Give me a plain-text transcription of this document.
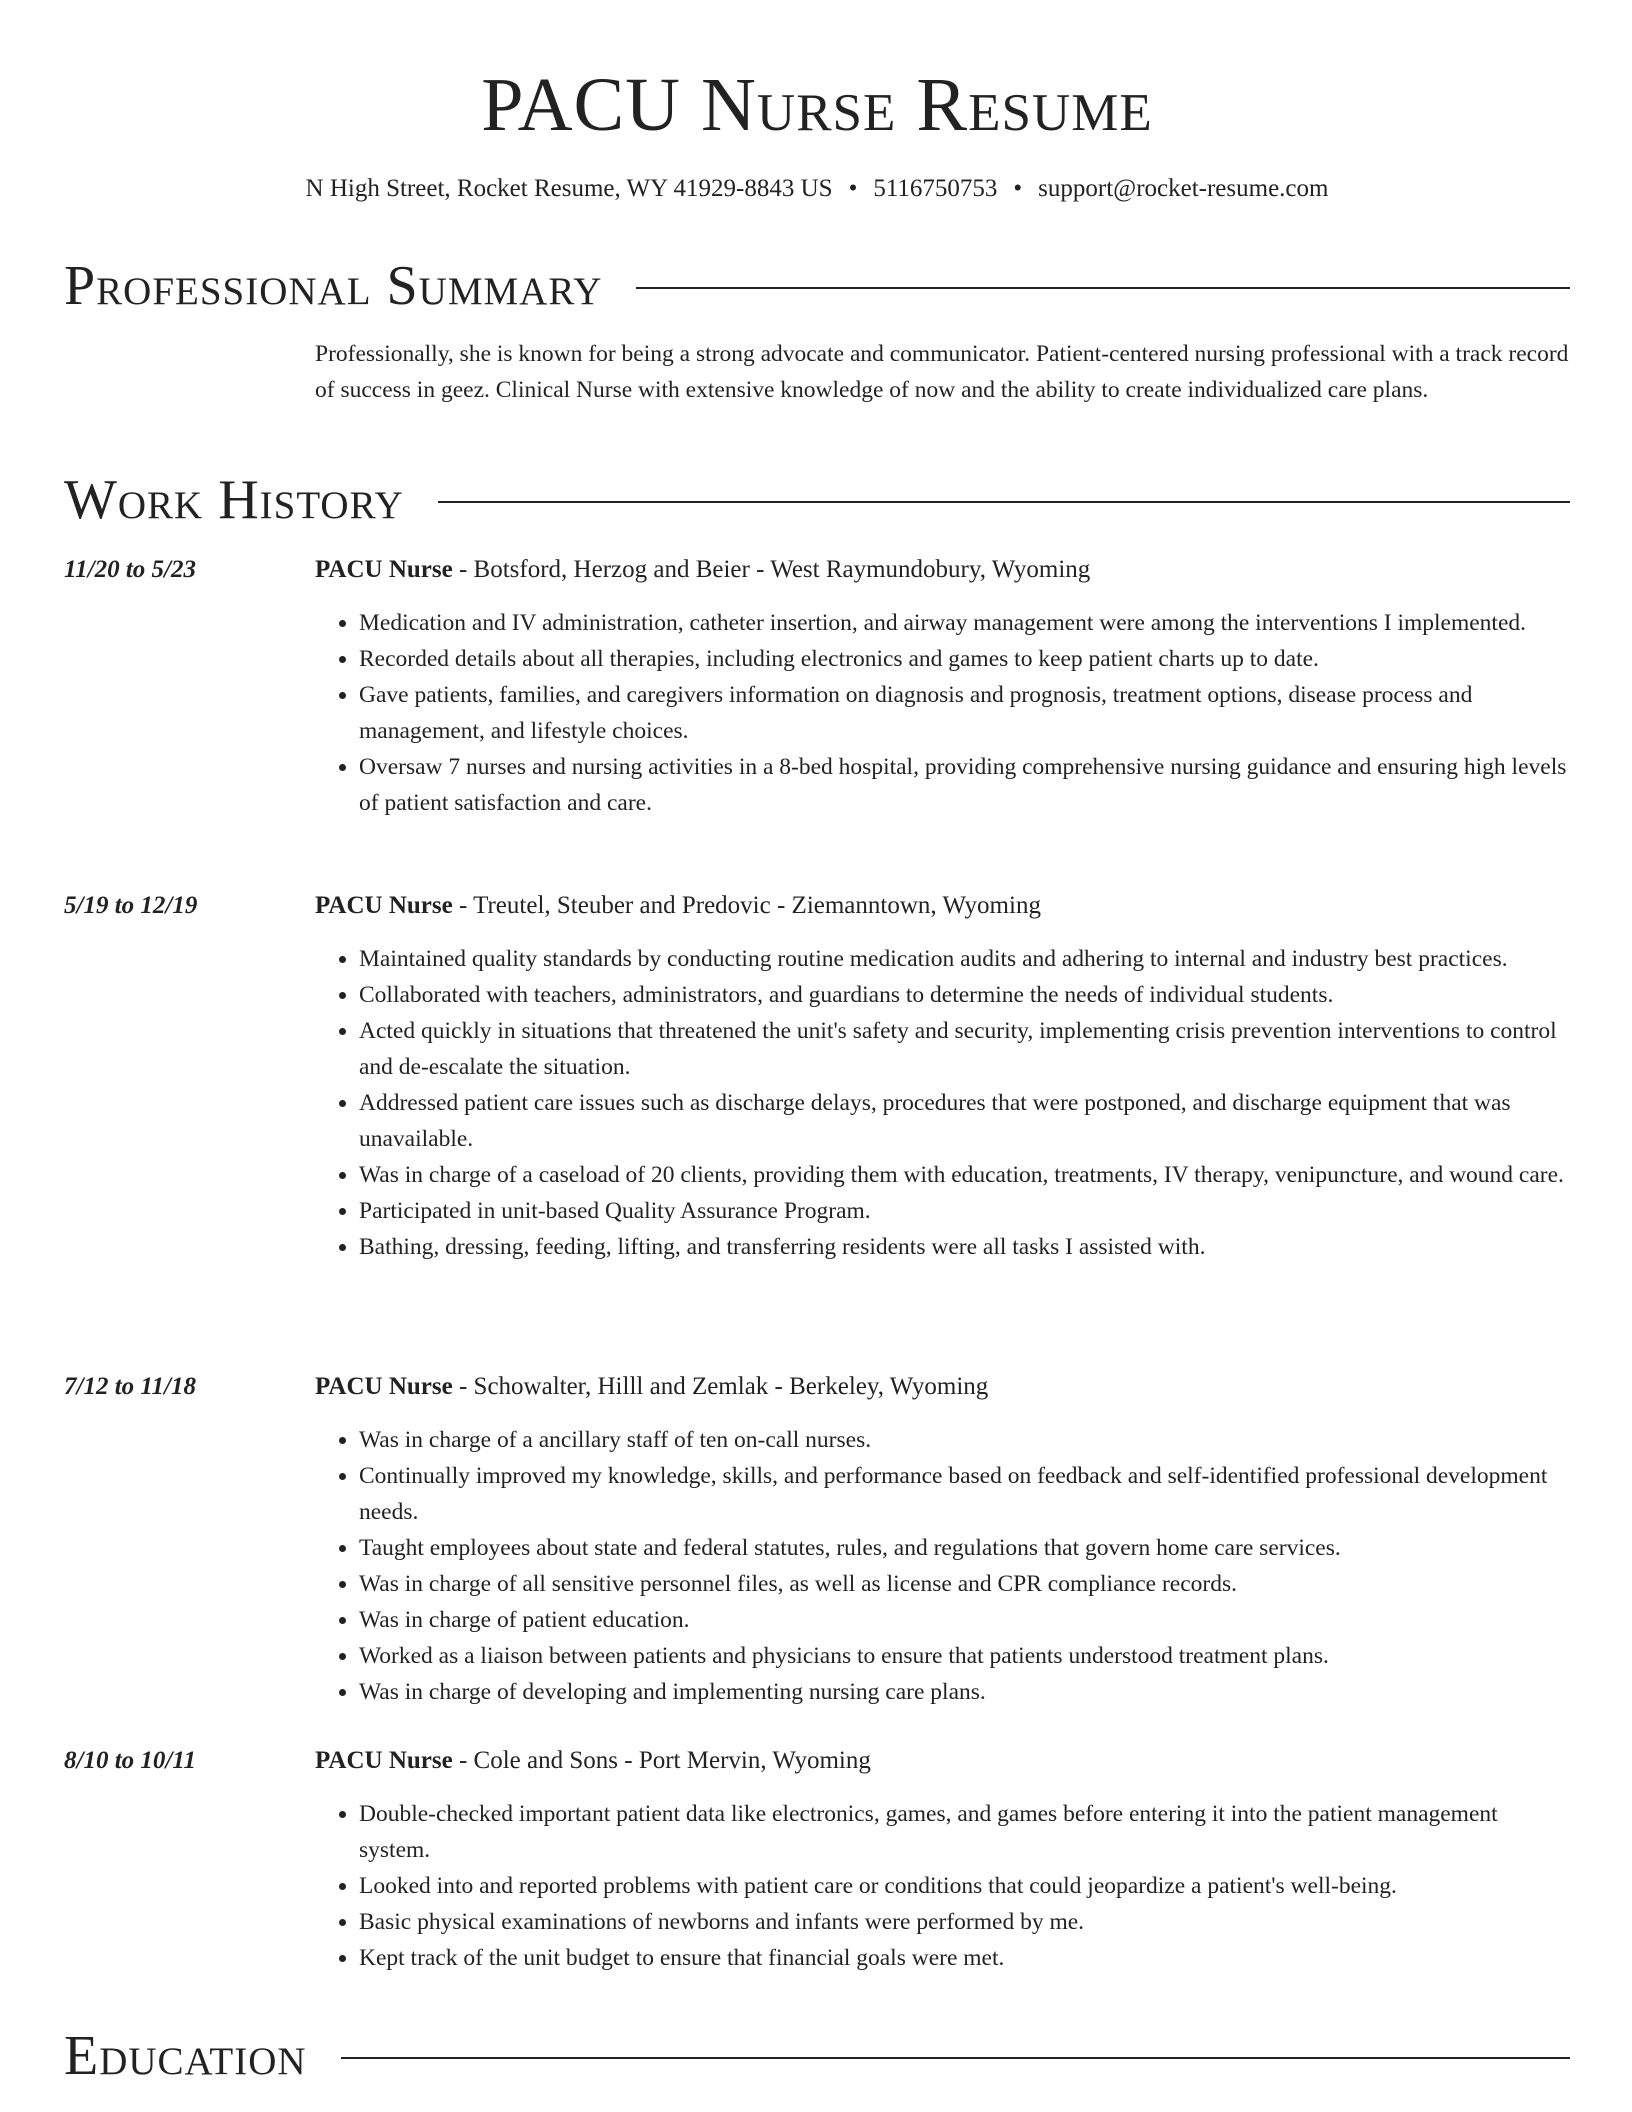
PACU Nurse Resume
N High Street, Rocket Resume, WY 41929-8843 US • 5116750753 • support@rocket-resume.com
Professional Summary

Professionally, she is known for being a strong advocate and communicator. Patient-centered nursing professional with a track record of success in geez. Clinical Nurse with extensive knowledge of now and the ability to create individualized care plans.

Work History
11/20 to 5/23	PACU Nurse - Botsford, Herzog and Beier - West Raymundobury, Wyoming
• Medication and IV administration, catheter insertion, and airway management were among the interventions I implemented.
• Recorded details about all therapies, including electronics and games to keep patient charts up to date.
• Gave patients, families, and caregivers information on diagnosis and prognosis, treatment options, disease process and management, and lifestyle choices.
• Oversaw 7 nurses and nursing activities in a 8-bed hospital, providing comprehensive nursing guidance and ensuring high levels of patient satisfaction and care.
5/19 to 12/19	PACU Nurse - Treutel, Steuber and Predovic - Ziemanntown, Wyoming
• Maintained quality standards by conducting routine medication audits and adhering to internal and industry best practices.
• Collaborated with teachers, administrators, and guardians to determine the needs of individual students.
• Acted quickly in situations that threatened the unit's safety and security, implementing crisis prevention interventions to control and de-escalate the situation.
• Addressed patient care issues such as discharge delays, procedures that were postponed, and discharge equipment that was unavailable.
• Was in charge of a caseload of 20 clients, providing them with education, treatments, IV therapy, venipuncture, and wound care.
• Participated in unit-based Quality Assurance Program.
• Bathing, dressing, feeding, lifting, and transferring residents were all tasks I assisted with.
7/12 to 11/18	PACU Nurse - Schowalter, Hilll and Zemlak - Berkeley, Wyoming
• Was in charge of a ancillary staff of ten on-call nurses.
• Continually improved my knowledge, skills, and performance based on feedback and self-identified professional development needs.
• Taught employees about state and federal statutes, rules, and regulations that govern home care services.
• Was in charge of all sensitive personnel files, as well as license and CPR compliance records.
• Was in charge of patient education.
• Worked as a liaison between patients and physicians to ensure that patients understood treatment plans.
• Was in charge of developing and implementing nursing care plans.
8/10 to 10/11	PACU Nurse - Cole and Sons - Port Mervin, Wyoming
• Double-checked important patient data like electronics, games, and games before entering it into the patient management system.
• Looked into and reported problems with patient care or conditions that could jeopardize a patient's well-being.
• Basic physical examinations of newborns and infants were performed by me.
• Kept track of the unit budget to ensure that financial goals were met.
Education
